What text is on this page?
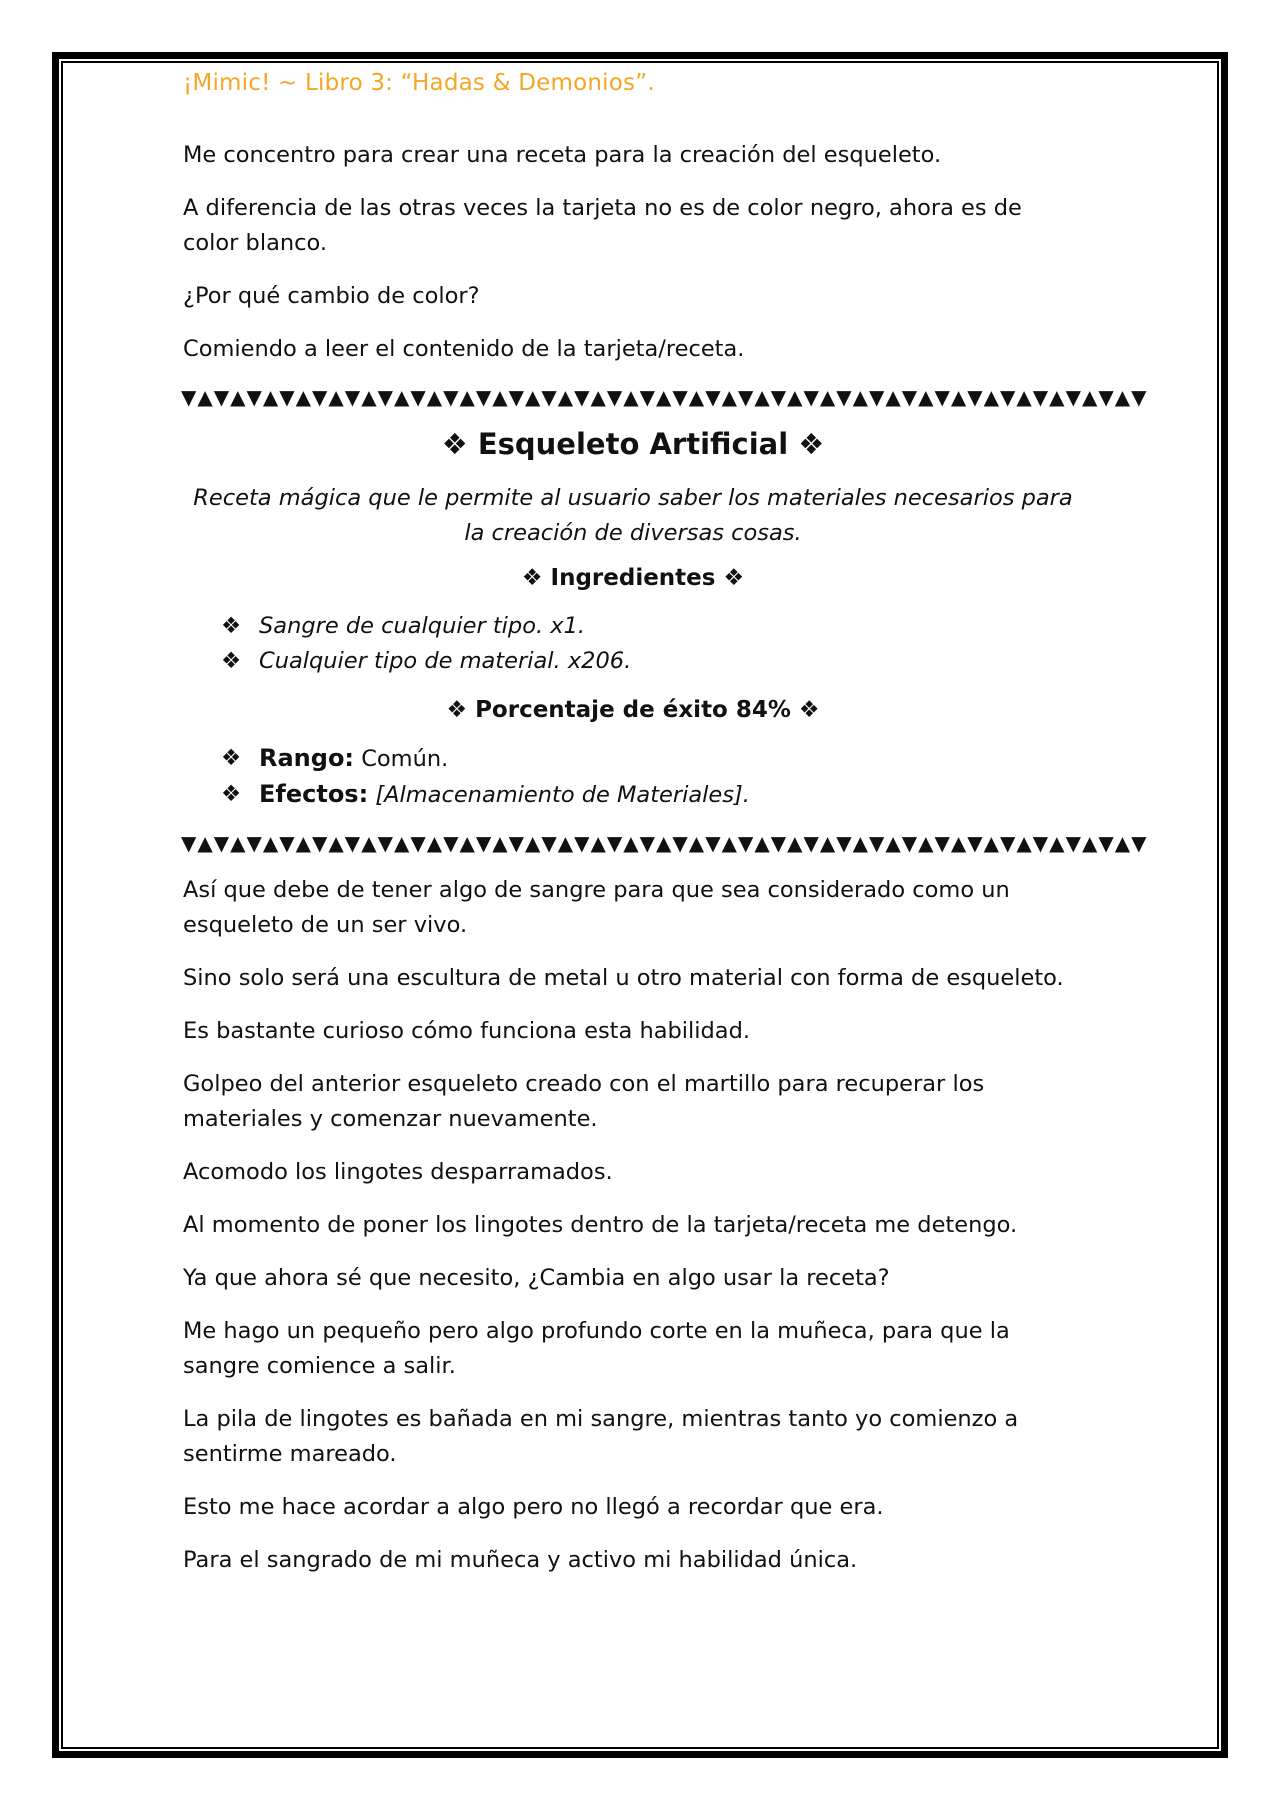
¡Mimic! ~ Libro 3: “Hadas & Demonios”.

Me concentro para crear una receta para la creación del esqueleto.

A diferencia de las otras veces la tarjeta no es de color negro, ahora es de color blanco.

¿Por qué cambio de color?

Comiendo a leer el contenido de la tarjeta/receta.

▼▲▼▲▼▲▼▲▼▲▼▲▼▲▼▲▼▲▼▲▼▲▼▲▼▲▼▲▼▲▼▲▼▲▼▲▼▲▼▲▼▲▼▲▼▲▼▲▼▲▼▲▼▲▼▲▼▲▼
❖ Esqueleto Artificial ❖
Receta mágica que le permite al usuario saber los materiales necesarios para la creación de diversas cosas.
❖ Ingredientes ❖
❖ Sangre de cualquier tipo. x1.
❖ Cualquier tipo de material. x206.
❖ Porcentaje de éxito 84% ❖
❖ Rango: Común.
❖ Efectos: [Almacenamiento de Materiales].
▼▲▼▲▼▲▼▲▼▲▼▲▼▲▼▲▼▲▼▲▼▲▼▲▼▲▼▲▼▲▼▲▼▲▼▲▼▲▼▲▼▲▼▲▼▲▼▲▼▲▼▲▼▲▼▲▼▲▼

Así que debe de tener algo de sangre para que sea considerado como un esqueleto de un ser vivo.

Sino solo será una escultura de metal u otro material con forma de esqueleto.

Es bastante curioso cómo funciona esta habilidad.

Golpeo del anterior esqueleto creado con el martillo para recuperar los materiales y comenzar nuevamente.

Acomodo los lingotes desparramados.

Al momento de poner los lingotes dentro de la tarjeta/receta me detengo.

Ya que ahora sé que necesito, ¿Cambia en algo usar la receta?

Me hago un pequeño pero algo profundo corte en la muñeca, para que la sangre comience a salir.

La pila de lingotes es bañada en mi sangre, mientras tanto yo comienzo a sentirme mareado.

Esto me hace acordar a algo pero no llegó a recordar que era.

Para el sangrado de mi muñeca y activo mi habilidad única.
